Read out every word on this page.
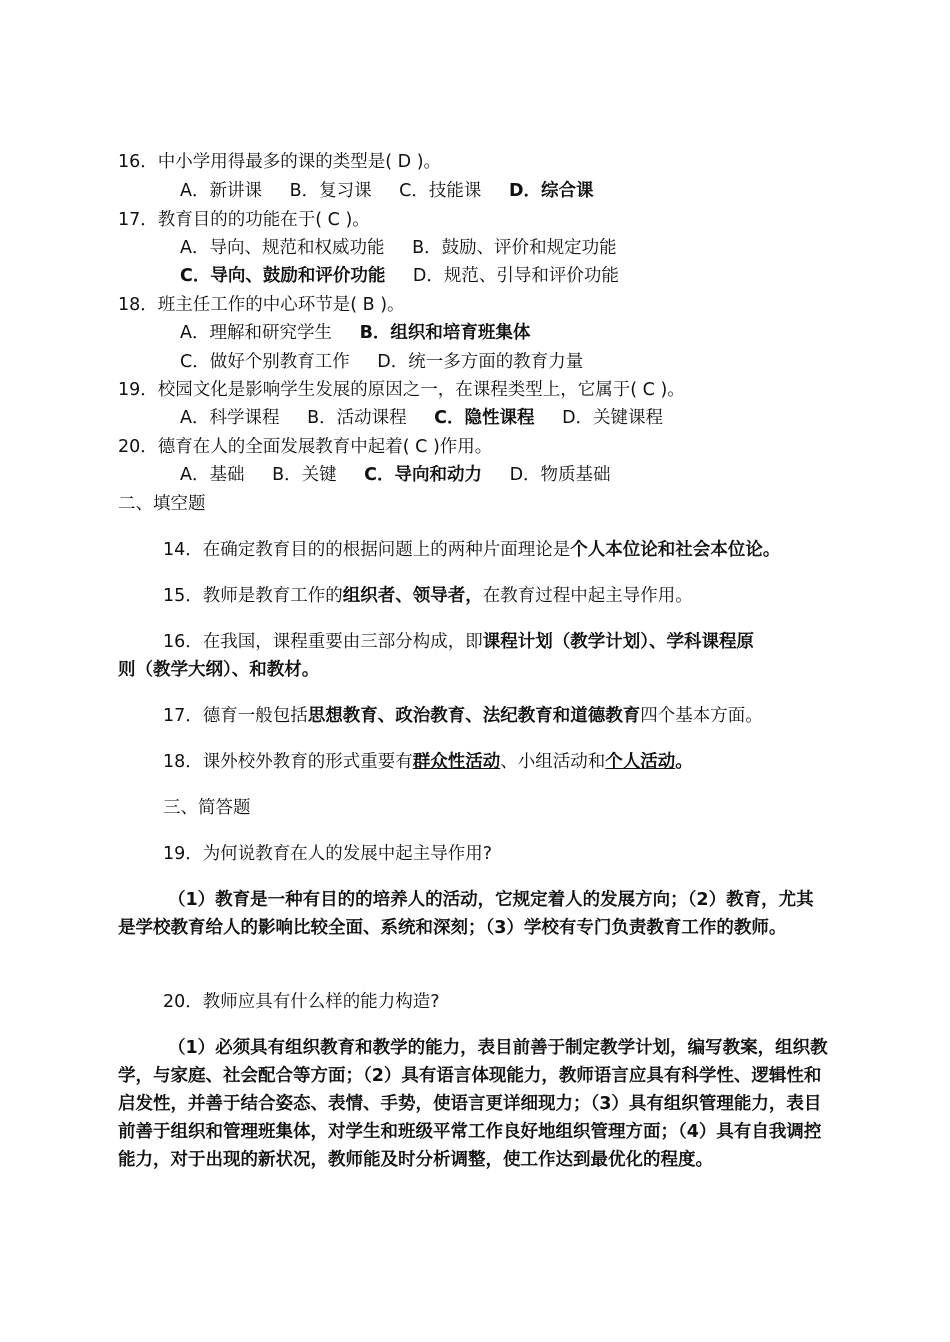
16．中小学用得最多的课的类型是( D )。
A．新讲课 B．复习课 C．技能课 D．综合课
17．教育目的的功能在于( C )。
A．导向、规范和权威功能 B．鼓励、评价和规定功能
C．导向、鼓励和评价功能 D．规范、引导和评价功能
18．班主任工作的中心环节是( B )。
A．理解和研究学生 B．组织和培育班集体
C．做好个别教育工作 D．统一多方面的教育力量
19．校园文化是影响学生发展的原因之一，在课程类型上，它属于( C )。
A．科学课程 B．活动课程 C．隐性课程 D．关键课程
20．德育在人的全面发展教育中起着( C )作用。
A．基础 B．关键 C．导向和动力 D．物质基础
二、填空题
14．在确定教育目的的根据问题上的两种片面理论是个人本位论和社会本位论。
15．教师是教育工作的组织者、领导者，在教育过程中起主导作用。
16．在我国，课程重要由三部分构成，即课程计划（教学计划）、学科课程原
则（教学大纲）、和教材。
17．德育一般包括思想教育、政治教育、法纪教育和道德教育四个基本方面。
18．课外校外教育的形式重要有群众性活动、小组活动和个人活动。
三、简答题
19．为何说教育在人的发展中起主导作用?
（1）教育是一种有目的的培养人的活动，它规定着人的发展方向；（2）教育，尤其是学校教育给人的影响比较全面、系统和深刻；（3）学校有专门负责教育工作的教师。
20．教师应具有什么样的能力构造?
（1）必须具有组织教育和教学的能力，表目前善于制定教学计划，编写教案，组织教学，与家庭、社会配合等方面；（2）具有语言体现能力，教师语言应具有科学性、逻辑性和启发性，并善于结合姿态、表情、手势，使语言更详细现力；（3）具有组织管理能力，表目前善于组织和管理班集体，对学生和班级平常工作良好地组织管理方面；（4）具有自我调控能力，对于出现的新状况，教师能及时分析调整，使工作达到最优化的程度。
